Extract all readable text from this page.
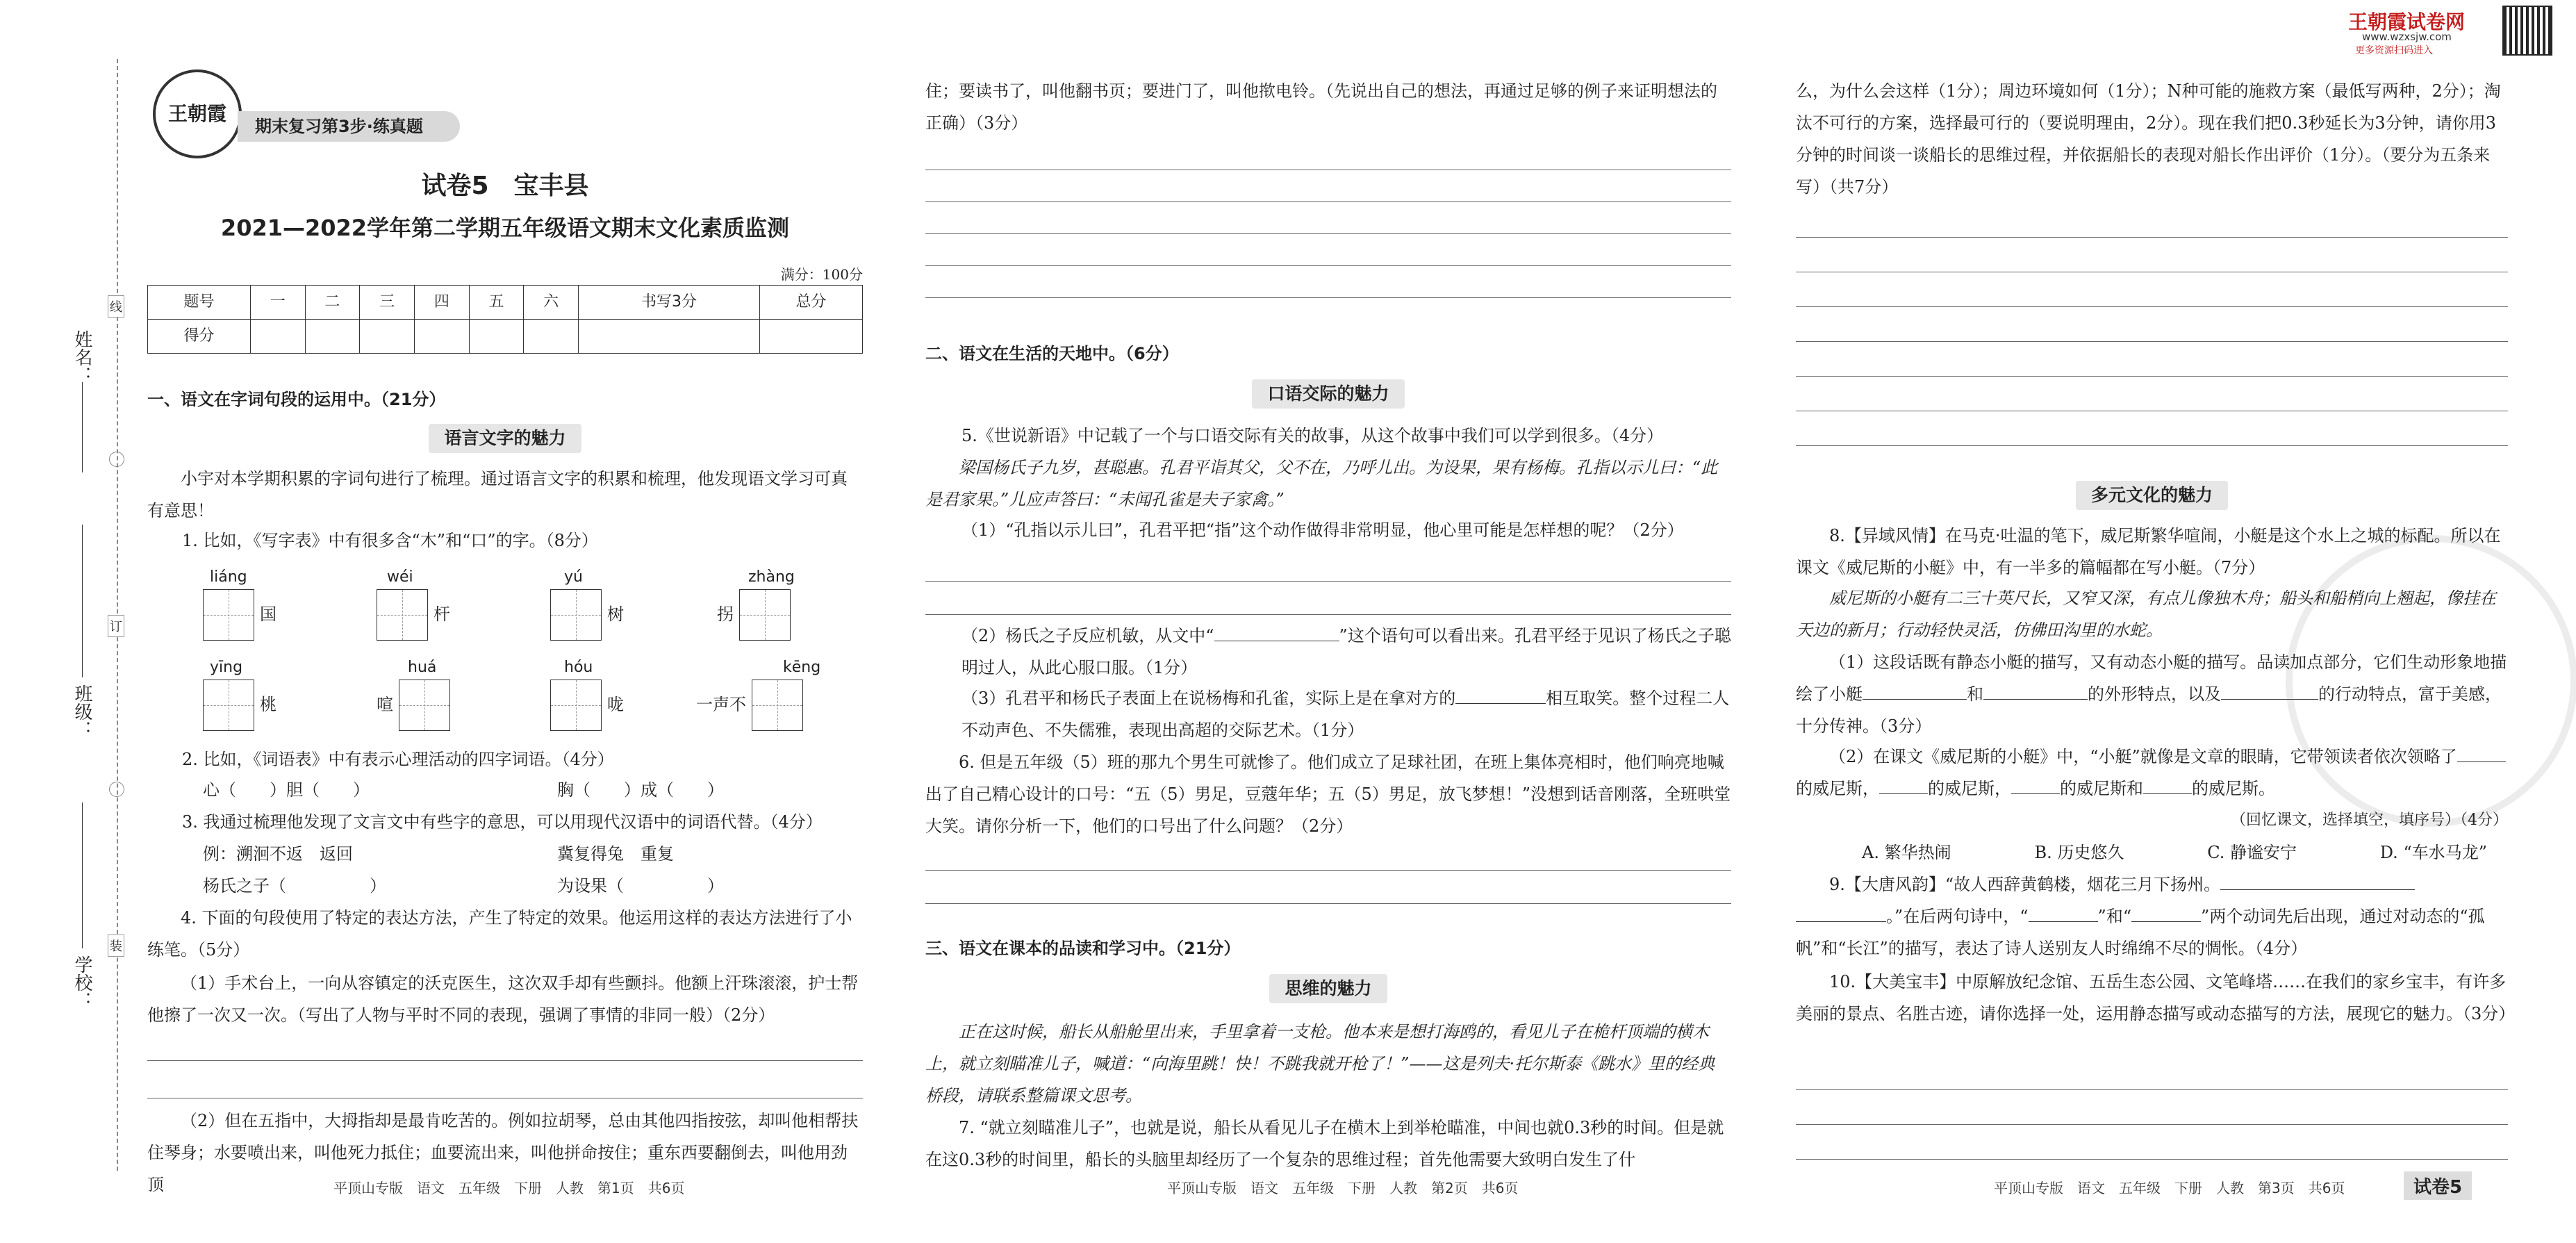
姓名：
班级：
学校：
线
订
装
王朝霞试卷网
www.wzxsjw.com
更多资源扫码进入
王朝霞
期末复习第3步·练真题
试卷5　宝丰县
2021—2022学年第二学期五年级语文期末文化素质监测
满分：100分
题号	一	二	三	四	五	六	书写3分	总分
得分								
一、语文在字词句段的运用中。（21分）
语言文字的魅力

小宇对本学期积累的字词句进行了梳理。通过语言文字的积累和梳理，他发现语文学习可真有意思！

1. 比如，《写字表》中有很多含“木”和“口”的字。（8分）

liáng
国
wéi
杆
yú
树
zhàng
拐
yīng
桃
huá
喧
hóu
咙
kēng
一声不

2. 比如，《词语表》中有表示心理活动的四字词语。（4分）

心（　　）胆（　　）	胸（　　）成（　　）

3. 我通过梳理他发现了文言文中有些字的意思，可以用现代汉语中的词语代替。（4分）

例：溯洄不返　返回	冀复得兔　重复

杨氏之子（　　　　　）	为设果（　　　　　）

4. 下面的句段使用了特定的表达方法，产生了特定的效果。他运用这样的表达方法进行了小练笔。（5分）

（1）手术台上，一向从容镇定的沃克医生，这次双手却有些颤抖。他额上汗珠滚滚，护士帮他擦了一次又一次。（写出了人物与平时不同的表现，强调了事情的非同一般）（2分）

（2）但在五指中，大拇指却是最肯吃苦的。例如拉胡琴，总由其他四指按弦，却叫他相帮扶住琴身；水要喷出来，叫他死力抵住；血要流出来，叫他拼命按住；重东西要翻倒去，叫他用劲顶	平顶山专版　语文　五年级　下册　人教　第1页　共6页

住；要读书了，叫他翻书页；要进门了，叫他揿电铃。（先说出自己的想法，再通过足够的例子来证明想法的正确）（3分）

二、语文在生活的天地中。（6分）
口语交际的魅力

5.《世说新语》中记载了一个与口语交际有关的故事，从这个故事中我们可以学到很多。（4分）

梁国杨氏子九岁，甚聪惠。孔君平诣其父，父不在，乃呼儿出。为设果，果有杨梅。孔指以示儿曰：“此是君家果。”儿应声答曰：“未闻孔雀是夫子家禽。”

（1）“孔指以示儿曰”，孔君平把“指”这个动作做得非常明显，他心里可能是怎样想的呢？（2分）

（2）杨氏之子反应机敏，从文中“	”这个语句可以看出来。孔君平经于见识了杨氏之子聪明过人，从此心服口服。（1分）

（3）孔君平和杨氏子表面上在说杨梅和孔雀，实际上是在拿对方的	相互取笑。整个过程二人不动声色、不失儒雅，表现出高超的交际艺术。（1分）

6. 但是五年级（5）班的那九个男生可就惨了。他们成立了足球社团，在班上集体亮相时，他们响亮地喊出了自己精心设计的口号：“五（5）男足，豆蔻年华；五（5）男足，放飞梦想！”没想到话音刚落，全班哄堂大笑。请你分析一下，他们的口号出了什么问题？（2分）

三、语文在课本的品读和学习中。（21分）
思维的魅力

正在这时候，船长从船舱里出来，手里拿着一支枪。他本来是想打海鸥的，看见儿子在桅杆顶端的横木上，就立刻瞄准儿子，喊道：“向海里跳！快！不跳我就开枪了！”——这是列夫·托尔斯泰《跳水》里的经典桥段，请联系整篇课文思考。

7. “就立刻瞄准儿子”，也就是说，船长从看见儿子在横木上到举枪瞄准，中间也就0.3秒的时间。但是就在这0.3秒的时间里，船长的头脑里却经历了一个复杂的思维过程；首先他需要大致明白发生了什

平顶山专版　语文　五年级　下册　人教　第2页　共6页

么，为什么会这样（1分）；周边环境如何（1分）；N种可能的施救方案（最低写两种，2分）；淘汰不可行的方案，选择最可行的（要说明理由，2分）。现在我们把0.3秒延长为3分钟，请你用3分钟的时间谈一谈船长的思维过程，并依据船长的表现对船长作出评价（1分）。（要分为五条来写）（共7分）

多元文化的魅力

8.【异域风情】在马克·吐温的笔下，威尼斯繁华喧闹，小艇是这个水上之城的标配。所以在课文《威尼斯的小艇》中，有一半多的篇幅都在写小艇。（7分）

威尼斯的小艇有二三十英尺长，又窄又深，有点儿像独木舟；船头和船梢向上翘起，像挂在天边的新月；行动轻快灵活，仿佛田沟里的水蛇。

（1）这段话既有静态小艇的描写，又有动态小艇的描写。品读加点部分，它们生动形象地描绘了小艇	和	的外形特点，以及	的行动特点，富于美感，十分传神。（3分）

（2）在课文《威尼斯的小艇》中，“小艇”就像是文章的眼睛，它带领读者依次领略了的威尼斯，	的威尼斯，	的威尼斯和	的威尼斯。

（回忆课文，选择填空，填序号）（4分）

A. 繁华热闹	B. 历史悠久	C. 静谧安宁	D. “车水马龙”

9.【大唐风韵】“故人西辞黄鹤楼，烟花三月下扬州。
。”在后两句诗中，“	”和“	”两个动词先后出现，通过对动态的“孤帆”和“长江”的描写，表达了诗人送别友人时绵绵不尽的惆怅。（4分）

10.【大美宝丰】中原解放纪念馆、五岳生态公园、文笔峰塔……在我们的家乡宝丰，有许多美丽的景点、名胜古迹，请你选择一处，运用静态描写或动态描写的方法，展现它的魅力。（3分）

平顶山专版　语文　五年级　下册　人教　第3页　共6页	试卷5
